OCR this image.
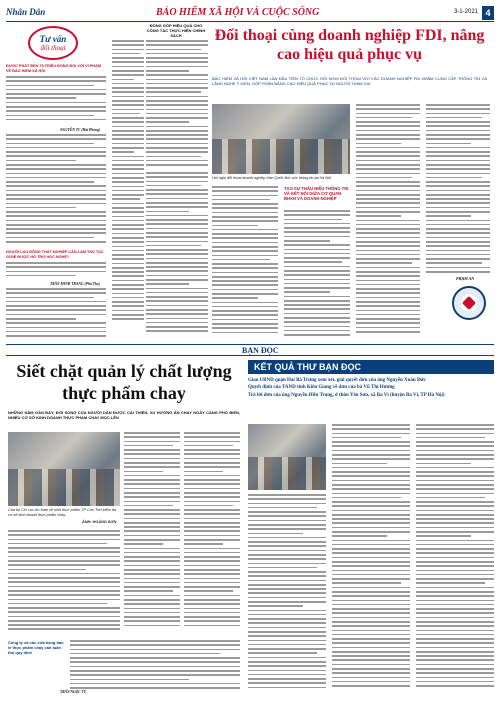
Nhân Dân	BẢO HIỂM XÃ HỘI VÀ CUỘC SỐNG	3-1-2021 4
Tư vấn
đối thoại
ĐƯỢC PHÁT ĐẾN 75 TRIỆU ĐỒNG ĐỐI VỚI VI PHẠM VỀ BẢO HIỂM XÃ HỘI
NGUYỄN TC (Hải Phòng)
NGƯỜI LAO ĐỘNG THẤT NGHIỆP CẦN LÀM THỦ TỤC GÌ ĐỂ ĐƯỢC HỖ TRỢ HỌC NGHỀ?
TRẦN MINH TRANG (Phú Thọ)
ĐÔNG GÓP HIỆU QUẢ CHO CÔNG TÁC THỰC HIỆN CHÍNH SÁCH	Đối thoại cùng doanh nghiệp FDI, nâng cao hiệu quả phục vụ
BẢO HIỂM XÃ HỘI VIỆT NAM LẦN ĐẦU TIÊN TỔ CHỨC HỘI NGHỊ ĐỐI THOẠI VỚI CÁC DOANH NGHIỆP FDI NHẰM CUNG CẤP THÔNG TIN VÀ LẮNG NGHE Ý KIẾN, GÓP PHẦN NÂNG CAO HIỆU QUẢ PHỤC VỤ NGƯỜI THAM GIA
Hội nghị đối thoại doanh nghiệp Hàn Quốc lĩnh vực thông tin tại Hà Nội.
TẠO SỰ THẤU HIỂU THÔNG TIN VÀ KẾT NỐI GIỮA CƠ QUAN BHXH VÀ DOANH NGHIỆP
PHẠM AN
BẠN ĐỌC
Siết chặt quản lý chất lượng thực phẩm chay
NHỮNG NĂM GẦN ĐÂY, ĐỜI SỐNG CỦA NGƯỜI DÂN ĐƯỢC CẢI THIỆN, XU HƯỚNG ĂN CHAY NGÀY CÀNG PHỔ BIẾN, NHIỀU CƠ SỞ KINH DOANH THỰC PHẨM CHAY MỌC LÊN
Cán bộ Chi cục An toàn vệ sinh thực phẩm TP Cần Thơ kiểm tra cơ sở kinh doanh thực phẩm chay.
ẢNH: HOÀNG SƠN
Công ty và các cửa hàng bán lẻ thực phẩm chay cần tuân thủ quy định
TRẦN NGỌC TÚ
KẾT QUẢ THƯ BẠN ĐỌC
Giao UBND quận Hai Bà Trưng xem xét, giải quyết đơn của ông Nguyễn Xuân Đức
Quyết định của TAND tỉnh Kiên Giang về đơn của bà Vũ Thị Hương
Trả lời đơn của ông Nguyễn Hữu Trọng, ở thôn Yên Sơn, xã Ba Vì (huyện Ba Vì, TP Hà Nội)
